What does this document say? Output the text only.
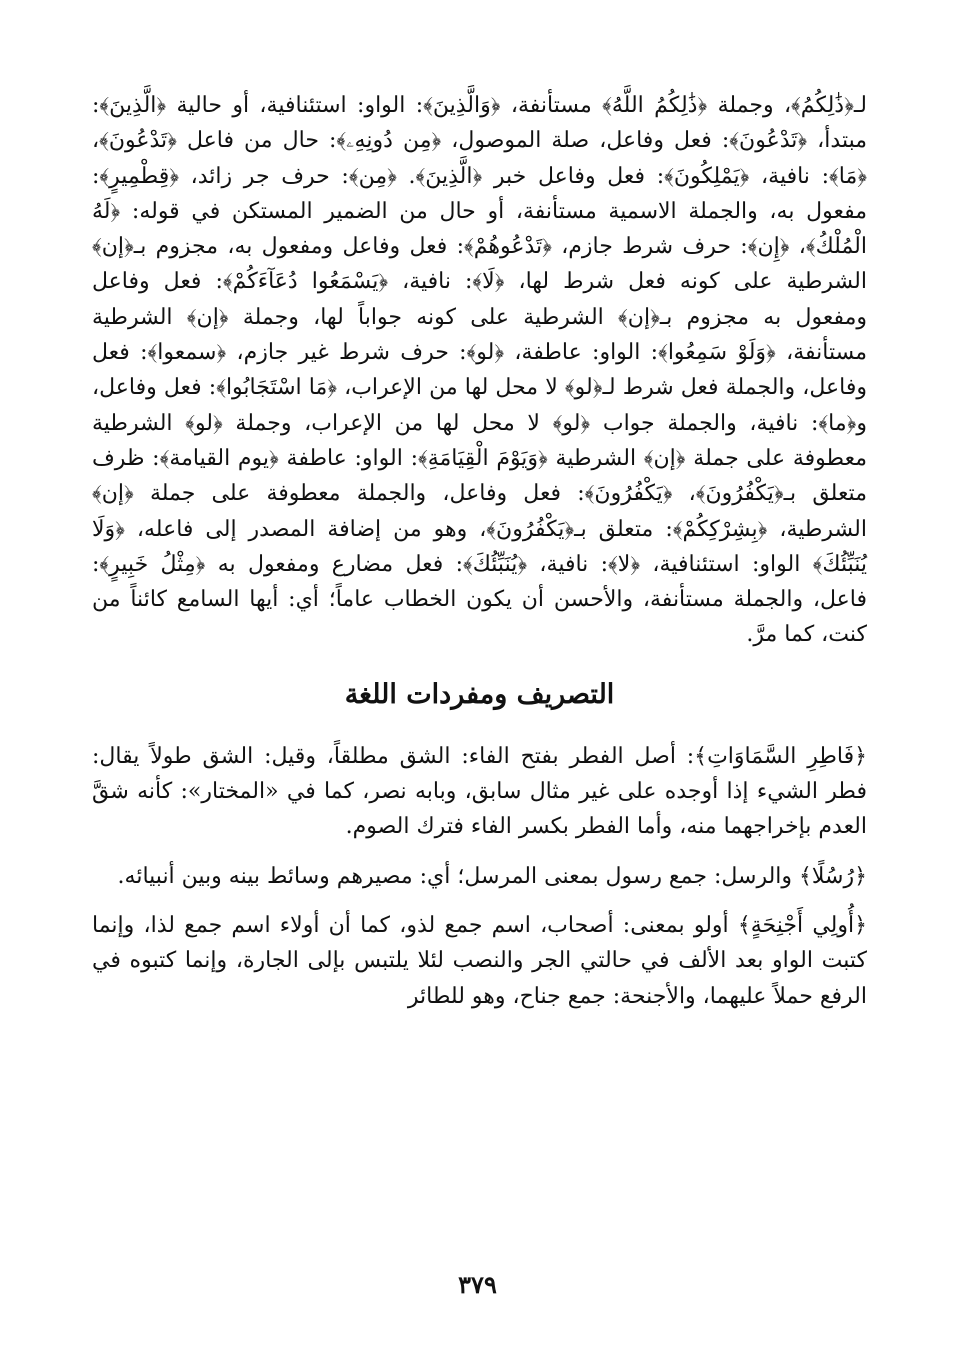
لـ﴿ذَٰلِكُمُ﴾، وجملة ﴿ذَٰلِكُمُ اللَّهُ﴾ مستأنفة، ﴿وَالَّذِينَ﴾: الواو: استئنافية، أو حالية ﴿الَّذِينَ﴾: مبتدأ، ﴿تَدْعُونَ﴾: فعل وفاعل، صلة الموصول، ﴿مِن دُونِهِۦ﴾: حال من فاعل ﴿تَدْعُونَ﴾، ﴿مَا﴾: نافية، ﴿يَمْلِكُونَ﴾: فعل وفاعل خبر ﴿الَّذِينَ﴾. ﴿مِن﴾: حرف جر زائد، ﴿قِطْمِيرٍ﴾: مفعول به، والجملة الاسمية مستأنفة، أو حال من الضمير المستكن في قوله: ﴿لَهُ الْمُلْكُ﴾، ﴿إِن﴾: حرف شرط جازم، ﴿تَدْعُوهُمْ﴾: فعل وفاعل ومفعول به، مجزوم بـ﴿إن﴾ الشرطية على كونه فعل شرط لها، ﴿لَا﴾: نافية، ﴿يَسْمَعُوا دُعَآءَكُمْ﴾: فعل وفاعل ومفعول به مجزوم بـ﴿إن﴾ الشرطية على كونه جواباً لها، وجملة ﴿إن﴾ الشرطية مستأنفة، ﴿وَلَوْ سَمِعُوا﴾: الواو: عاطفة، ﴿لو﴾: حرف شرط غير جازم، ﴿سمعوا﴾: فعل وفاعل، والجملة فعل شرط لـ﴿لو﴾ لا محل لها من الإعراب، ﴿مَا اسْتَجَابُوا﴾: فعل وفاعل، و﴿ما﴾: نافية، والجملة جواب ﴿لو﴾ لا محل لها من الإعراب، وجملة ﴿لو﴾ الشرطية معطوفة على جملة ﴿إن﴾ الشرطية ﴿وَيَوْمَ الْقِيَامَةِ﴾: الواو: عاطفة ﴿يوم القيامة﴾: ظرف متعلق بـ﴿يَكْفُرُونَ﴾، ﴿يَكْفُرُونَ﴾: فعل وفاعل، والجملة معطوفة على جملة ﴿إن﴾ الشرطية، ﴿بِشِرْكِكُمْ﴾: متعلق بـ﴿يَكْفُرُونَ﴾، وهو من إضافة المصدر إلى فاعله، ﴿وَلَا يُنَبِّئُكَ﴾ الواو: استئنافية، ﴿لا﴾: نافية، ﴿يُنَبِّئُكَ﴾: فعل مضارع ومفعول به ﴿مِثْلُ خَبِيرٍ﴾: فاعل، والجملة مستأنفة، والأحسن أن يكون الخطاب عاماً؛ أي: أيها السامع كائناً من كنت، كما مرَّ.

التصريف ومفردات اللغة

﴿فَاطِرِ السَّمَاوَاتِ﴾: أصل الفطر بفتح الفاء: الشق مطلقاً، وقيل: الشق طولاً يقال: فطر الشيء إذا أوجده على غير مثال سابق، وبابه نصر، كما في «المختار»: كأنه شقَّ العدم بإخراجهما منه، وأما الفطر بكسر الفاء فترك الصوم.

﴿رُسُلًا﴾ والرسل: جمع رسول بمعنى المرسل؛ أي: مصيرهم وسائط بينه وبين أنبيائه.

﴿أُولِي أَجْنِحَةٍ﴾ أولو بمعنى: أصحاب، اسم جمع لذو، كما أن أولاء اسم جمع لذا، وإنما كتبت الواو بعد الألف في حالتي الجر والنصب لئلا يلتبس بإلى الجارة، وإنما كتبوه في الرفع حملاً عليهما، والأجنحة: جمع جناح، وهو للطائر

٣٧٩
